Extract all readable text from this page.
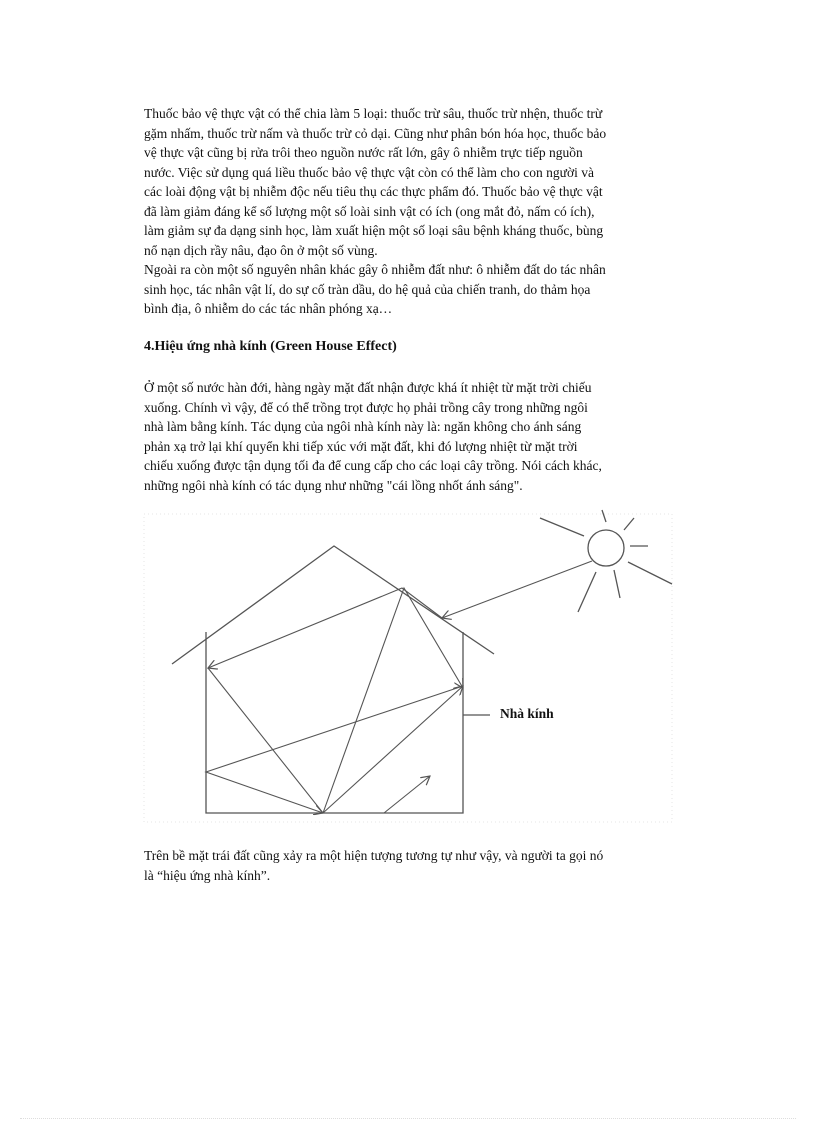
Thuốc bảo vệ thực vật có thể chia làm 5 loại: thuốc trừ sâu, thuốc trừ nhện, thuốc trừ
gặm nhấm, thuốc trừ nấm và thuốc trừ cỏ dại. Cũng như phân bón hóa học, thuốc bảo
vệ thực vật cũng bị rửa trôi theo nguồn nước rất lớn, gây ô nhiễm trực tiếp nguồn
nước. Việc sử dụng quá liều thuốc bảo vệ thực vật còn có thể làm cho con người và
các loài động vật bị nhiễm độc nếu tiêu thụ các thực phẩm đó. Thuốc bảo vệ thực vật
đã làm giảm đáng kể số lượng một số loài sinh vật có ích (ong mắt đỏ, nấm có ích),
làm giảm sự đa dạng sinh học, làm xuất hiện một số loại sâu bệnh kháng thuốc, bùng
nổ nạn dịch rầy nâu, đạo ôn ở một số vùng.

Ngoài ra còn một số nguyên nhân khác gây ô nhiễm đất như: ô nhiễm đất do tác nhân
sinh học, tác nhân vật lí, do sự cố tràn dầu, do hệ quả của chiến tranh, do thảm họa
bình địa, ô nhiễm do các tác nhân phóng xạ…

4.Hiệu ứng nhà kính (Green House Effect)

Ở một số nước hàn đới, hàng ngày mặt đất nhận được khá ít nhiệt từ mặt trời chiếu
xuống. Chính vì vậy, để có thể trồng trọt được họ phải trồng cây trong những ngôi
nhà làm bằng kính. Tác dụng của ngôi nhà kính này là: ngăn không cho ánh sáng
phản xạ trở lại khí quyển khi tiếp xúc với mặt đất, khi đó lượng nhiệt từ mặt trời
chiếu xuống được tận dụng tối đa để cung cấp cho các loại cây trồng. Nói cách khác,
những ngôi nhà kính có tác dụng như những "cái lồng nhốt ánh sáng".

Nhà kính

Trên bề mặt trái đất cũng xảy ra một hiện tượng tương tự như vậy, và người ta gọi nó
là “hiệu ứng nhà kính”.
